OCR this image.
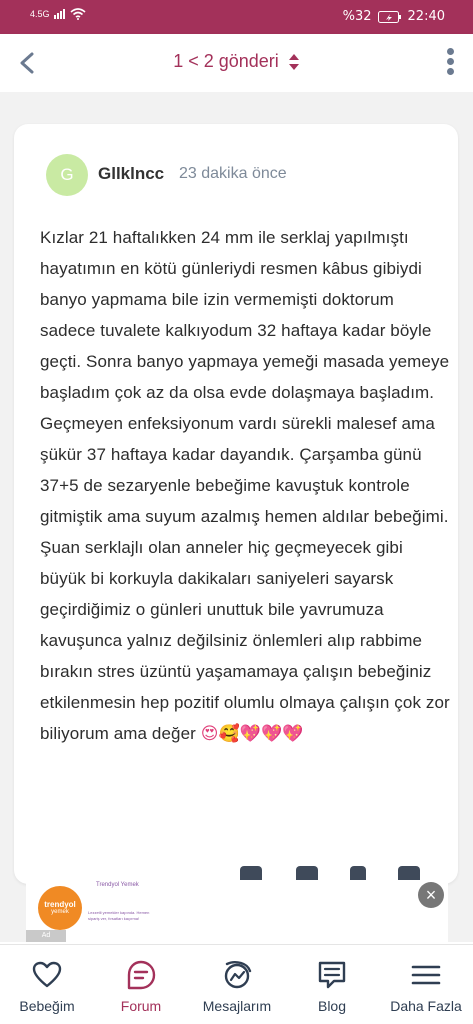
4.5G	%32	22:40
1 < 2 gönderi
G	Gllklncc 23 dakika önce
Kızlar 21 haftalıkken 24 mm ile serklaj yapılmıştı hayatımın en kötü günleriydi resmen kâbus gibiydi banyo yapmama bile izin vermemişti doktorum sadece tuvalete kalkıyodum 32 haftaya kadar böyle geçti. Sonra banyo yapmaya yemeği masada yemeye başladım çok az da olsa evde dolaşmaya başladım. Geçmeyen enfeksiyonum vardı sürekli malesef ama şükür 37 haftaya kadar dayandık. Çarşamba günü 37+5 de sezaryenle bebeğime kavuştuk kontrole gitmiştik ama suyum azalmış hemen aldılar bebeğimi. Şuan serklajlı olan anneler hiç geçmeyecek gibi büyük bi korkuyla dakikaları saniyeleri sayarsk geçirdiğimiz o günleri unuttuk bile yavrumuza kavuşunca yalnız değilsiniz önlemleri alıp rabbime bırakın stres üzüntü yaşamamaya çalışın bebeğiniz etkilenmesin hep pozitif olumlu olmaya çalışın çok zor biliyorum ama değer 😍🥰💖💖💖
trendyol
yemek
Trendyol Yemek
Lezzetli yemekler kapında. Hemen sipariş ver, fırsatları kaçırma!
Ad
×
Bebeğim	Forum	Mesajlarım	Blog	Daha Fazla
